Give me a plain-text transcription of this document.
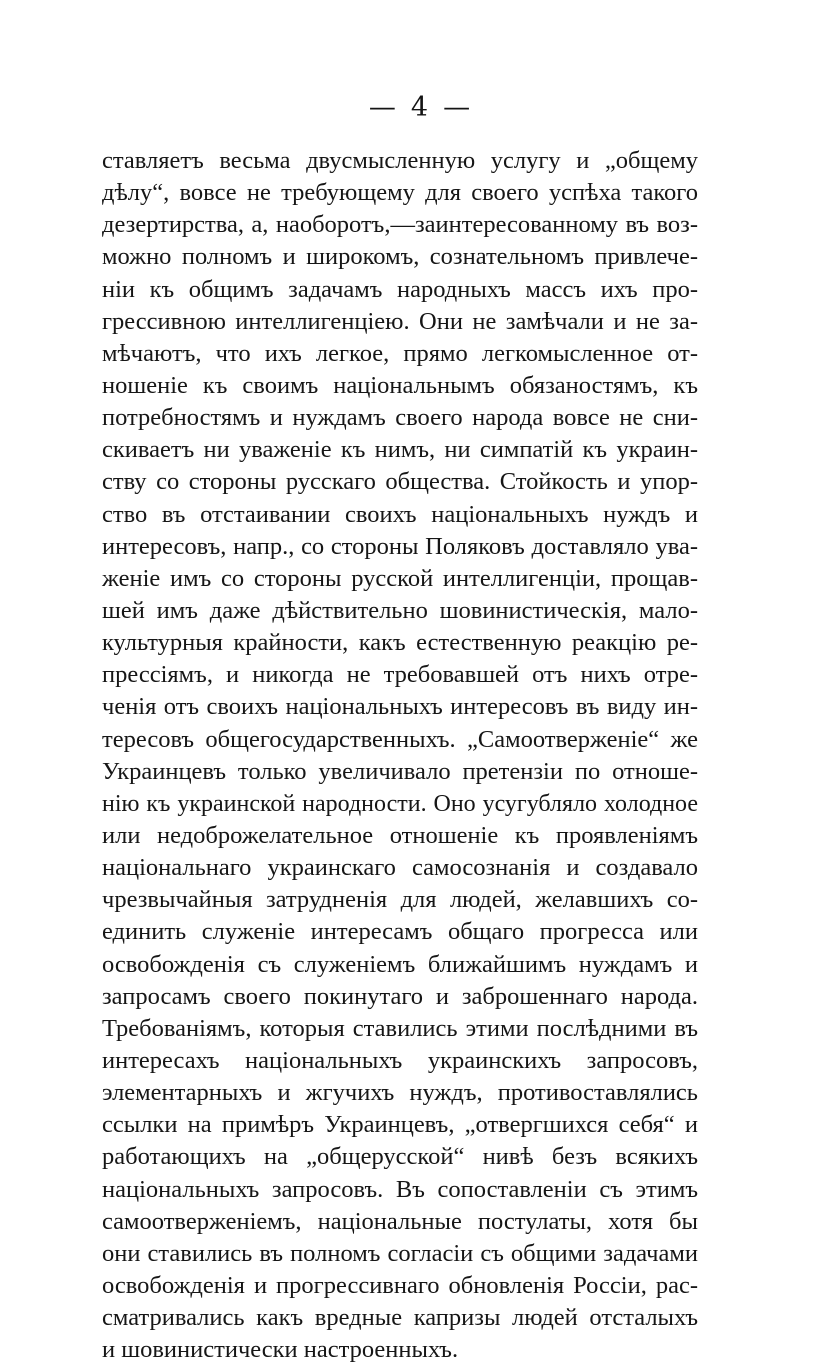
— 4 —
ставляетъ весьма двусмысленную услугу и „общему
дѣлу“, вовсе не требующему для своего успѣха такого
дезертирства, а, наоборотъ,—заинтересованному въ воз-
можно полномъ и широкомъ, сознательномъ привлече-
нiи къ общимъ задачамъ народныхъ массъ ихъ про-
грессивною интеллигенцiею. Они не замѣчали и не за-
мѣчаютъ, что ихъ легкое, прямо легкомысленное от-
ношенiе къ своимъ нацiональнымъ обязаностямъ, къ
потребностямъ и нуждамъ своего народа вовсе не сни-
скиваетъ ни уваженiе къ нимъ, ни симпатiй къ украин-
ству со стороны русскаго общества. Стойкость и упор-
ство въ отстаивании своихъ нацiональныхъ нуждъ и
интересовъ, напр., со стороны Поляковъ доставляло ува-
женiе имъ со стороны русской интеллигенцiи, прощав-
шей имъ даже дѣйствительно шовинистическiя, мало-
культурныя крайности, какъ естественную реакцiю ре-
прессiямъ, и никогда не требовавшей отъ нихъ отре-
ченiя отъ своихъ нацiональныхъ интересовъ въ виду ин-
тересовъ общегосударственныхъ. „Самоотверженiе“ же
Украинцевъ только увеличивало претензiи по отноше-
нiю къ украинской народности. Оно усугубляло холодное
или недоброжелательное отношенiе къ проявленiямъ
нацiональнаго украинскаго самосознанiя и создавало
чрезвычайныя затрудненiя для людей, желавшихъ со-
единить служенiе интересамъ общаго прогресса или
освобожденiя съ служенiемъ ближайшимъ нуждамъ и
запросамъ своего покинутаго и заброшеннаго народа.
Требованiямъ, которыя ставились этими послѣдними въ
интересахъ нацiональныхъ украинскихъ запросовъ,
элементарныхъ и жгучихъ нуждъ, противоставлялись
ссылки на примѣръ Украинцевъ, „отвергшихся себя“ и
работающихъ на „общерусской“ нивѣ безъ всякихъ
нацiональныхъ запросовъ. Въ сопоставленiи съ этимъ
самоотверженiемъ, нацiональные постулаты, хотя бы
они ставились въ полномъ согласiи съ общими задачами
освобожденiя и прогрессивнаго обновленiя Россiи, рас-
сматривались какъ вредные капризы людей отсталыхъ
и шовинистически настроенныхъ.
